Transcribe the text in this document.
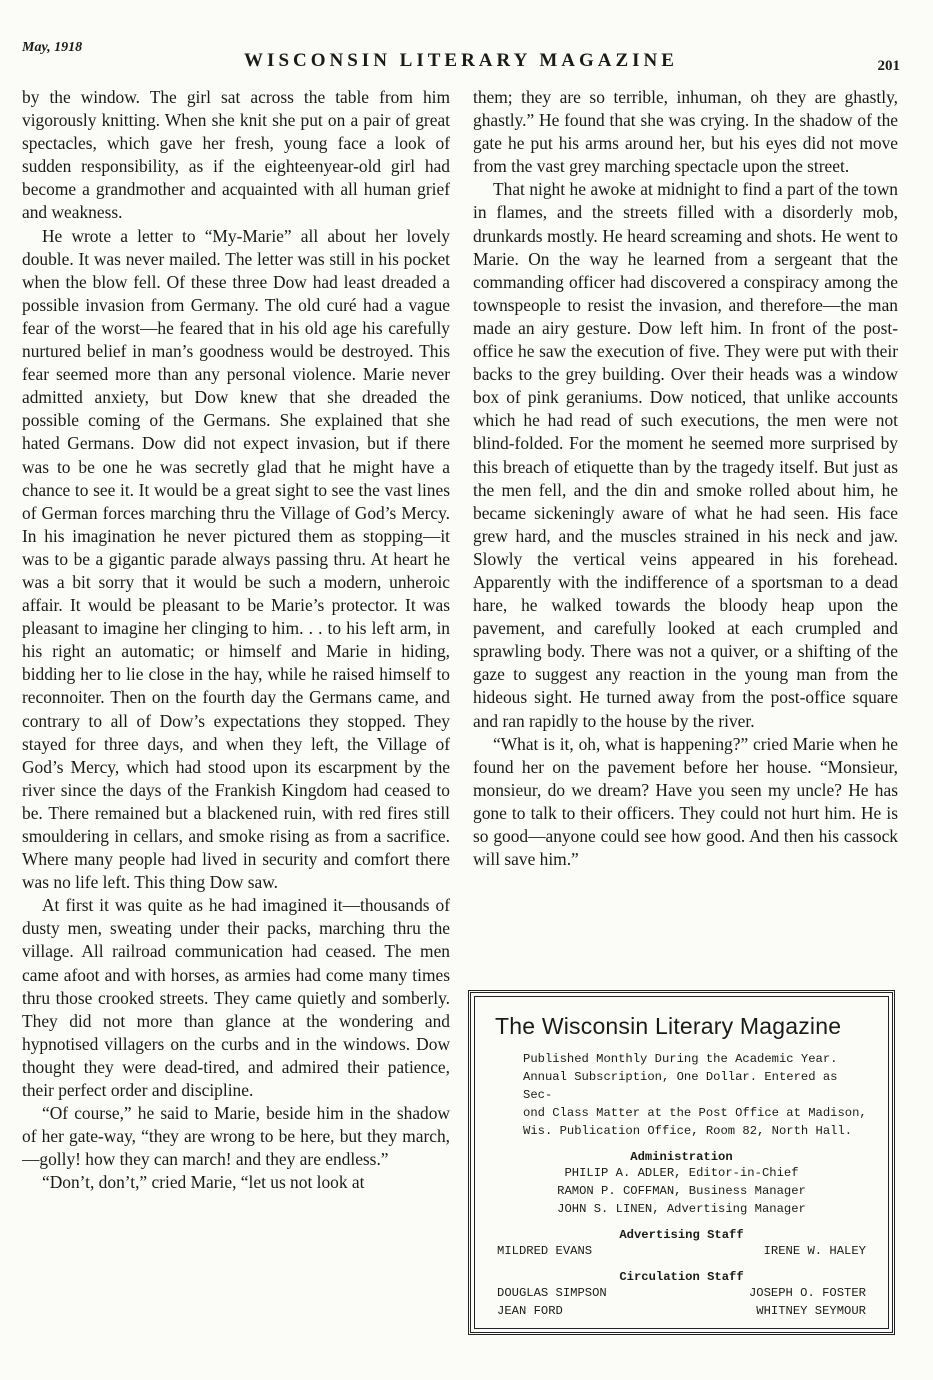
May, 1918
WISCONSIN LITERARY MAGAZINE	201

by the window. The girl sat across the table from him vigorously knitting. When she knit she put on a pair of great spectacles, which gave her fresh, young face a look of sudden responsibility, as if the eighteenyear-old girl had become a grandmother and acquainted with all human grief and weakness.

He wrote a letter to “My-Marie” all about her lovely double. It was never mailed. The letter was still in his pocket when the blow fell. Of these three Dow had least dreaded a possible invasion from Germany. The old curé had a vague fear of the worst—he feared that in his old age his carefully nurtured belief in man’s goodness would be destroyed. This fear seemed more than any personal violence. Marie never admitted anxiety, but Dow knew that she dreaded the possible coming of the Germans. She explained that she hated Germans. Dow did not expect invasion, but if there was to be one he was secretly glad that he might have a chance to see it. It would be a great sight to see the vast lines of German forces marching thru the Village of God’s Mercy. In his imagination he never pictured them as stopping—it was to be a gigantic parade always passing thru. At heart he was a bit sorry that it would be such a modern, unheroic affair. It would be pleasant to be Marie’s protector. It was pleasant to imagine her clinging to him. . . to his left arm, in his right an automatic; or himself and Marie in hiding, bidding her to lie close in the hay, while he raised himself to reconnoiter. Then on the fourth day the Germans came, and contrary to all of Dow’s expectations they stopped. They stayed for three days, and when they left, the Village of God’s Mercy, which had stood upon its escarpment by the river since the days of the Frankish Kingdom had ceased to be. There remained but a blackened ruin, with red fires still smouldering in cellars, and smoke rising as from a sacrifice. Where many people had lived in security and comfort there was no life left. This thing Dow saw.

At first it was quite as he had imagined it—thousands of dusty men, sweating under their packs, marching thru the village. All railroad communication had ceased. The men came afoot and with horses, as armies had come many times thru those crooked streets. They came quietly and somberly. They did not more than glance at the wondering and hypnotised villagers on the curbs and in the windows. Dow thought they were dead-tired, and admired their patience, their perfect order and discipline.

“Of course,” he said to Marie, beside him in the shadow of her gate-way, “they are wrong to be here, but they march,—golly! how they can march! and they are endless.”

“Don’t, don’t,” cried Marie, “let us not look at

them; they are so terrible, inhuman, oh they are ghastly, ghastly.” He found that she was crying. In the shadow of the gate he put his arms around her, but his eyes did not move from the vast grey marching spectacle upon the street.

That night he awoke at midnight to find a part of the town in flames, and the streets filled with a disorderly mob, drunkards mostly. He heard screaming and shots. He went to Marie. On the way he learned from a sergeant that the commanding officer had discovered a conspiracy among the townspeople to resist the invasion, and therefore—the man made an airy gesture. Dow left him. In front of the post-office he saw the execution of five. They were put with their backs to the grey building. Over their heads was a window box of pink geraniums. Dow noticed, that unlike accounts which he had read of such executions, the men were not blind-folded. For the moment he seemed more surprised by this breach of etiquette than by the tragedy itself. But just as the men fell, and the din and smoke rolled about him, he became sickeningly aware of what he had seen. His face grew hard, and the muscles strained in his neck and jaw. Slowly the vertical veins appeared in his forehead. Apparently with the indifference of a sportsman to a dead hare, he walked towards the bloody heap upon the pavement, and carefully looked at each crumpled and sprawling body. There was not a quiver, or a shifting of the gaze to suggest any reaction in the young man from the hideous sight. He turned away from the post-office square and ran rapidly to the house by the river.

“What is it, oh, what is happening?” cried Marie when he found her on the pavement before her house. “Monsieur, monsieur, do we dream? Have you seen my uncle? He has gone to talk to their officers. They could not hurt him. He is so good—anyone could see how good. And then his cassock will save him.”

The Wisconsin Literary Magazine
Published Monthly During the Academic Year.
Annual Subscription, One Dollar. Entered as Sec-
ond Class Matter at the Post Office at Madison,
Wis. Publication Office, Room 82, North Hall.
Administration
PHILIP A. ADLER, Editor-in-Chief
RAMON P. COFFMAN, Business Manager
JOHN S. LINEN, Advertising Manager
Advertising Staff
MILDRED EVANS	IRENE W. HALEY
Circulation Staff
DOUGLAS SIMPSON	JOSEPH O. FOSTER
JEAN FORD	WHITNEY SEYMOUR
